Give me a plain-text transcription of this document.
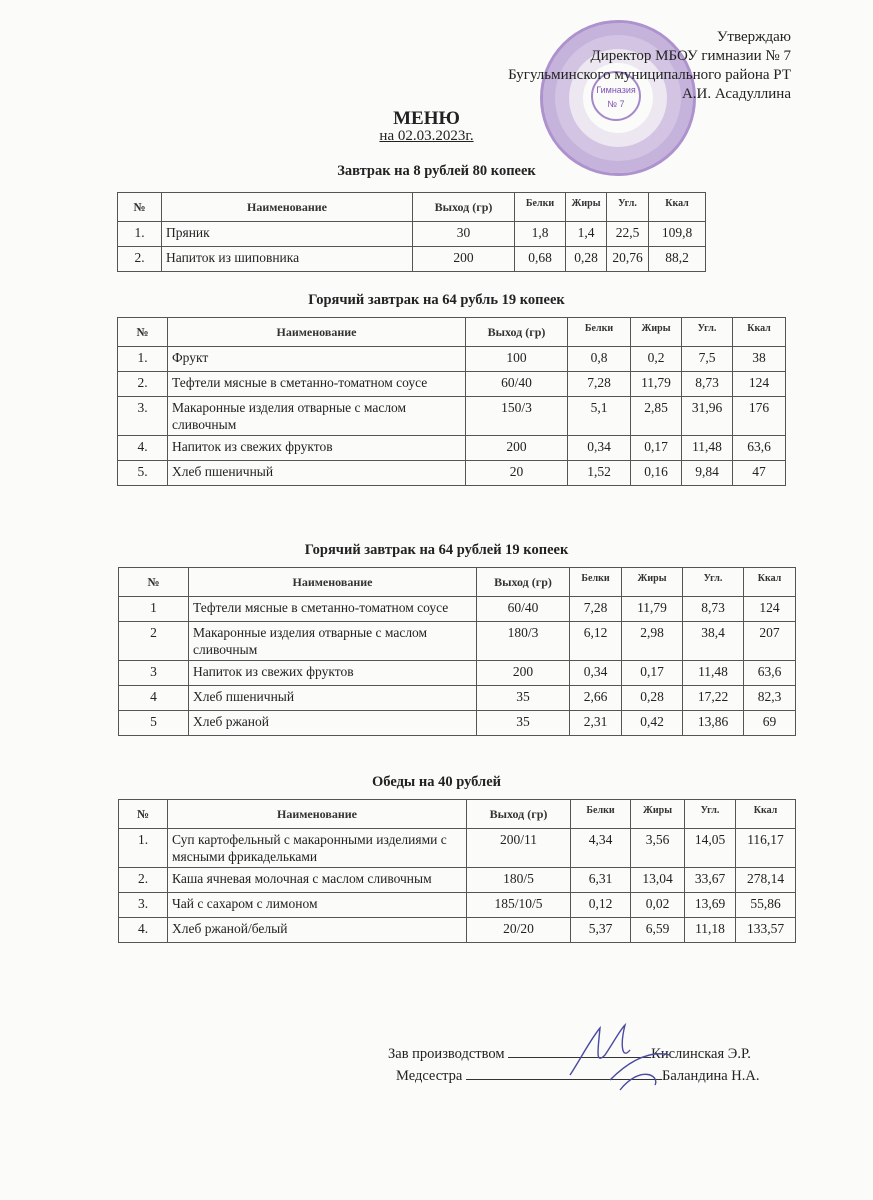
Гимназия № 7
Утверждаю
Директор МБОУ гимназии № 7
Бугульминского муниципального района РТ
А.И. Асадуллина
МЕНЮ
на 02.03.2023г.
Завтрак на 8 рублей 80 копеек
№	Наименование	Выход (гр)	Белки	Жиры	Угл.	Ккал
1.	Пряник	30	1,8	1,4	22,5	109,8
2.	Напиток из шиповника	200	0,68	0,28	20,76	88,2
Горячий завтрак на 64 рубль 19 копеек
№	Наименование	Выход (гр)	Белки	Жиры	Угл.	Ккал
1.	Фрукт	100	0,8	0,2	7,5	38
2.	Тефтели мясные в сметанно-томатном соусе	60/40	7,28	11,79	8,73	124
3.	Макаронные изделия отварные с маслом сливочным	150/3	5,1	2,85	31,96	176
4.	Напиток из свежих фруктов	200	0,34	0,17	11,48	63,6
5.	Хлеб пшеничный	20	1,52	0,16	9,84	47
Горячий завтрак на 64 рублей 19 копеек
№	Наименование	Выход (гр)	Белки	Жиры	Угл.	Ккал
1	Тефтели мясные в сметанно-томатном соусе	60/40	7,28	11,79	8,73	124
2	Макаронные изделия отварные с маслом сливочным	180/3	6,12	2,98	38,4	207
3	Напиток из свежих фруктов	200	0,34	0,17	11,48	63,6
4	Хлеб пшеничный	35	2,66	0,28	17,22	82,3
5	Хлеб ржаной	35	2,31	0,42	13,86	69
Обеды на 40 рублей
№	Наименование	Выход (гр)	Белки	Жиры	Угл.	Ккал
1.	Суп картофельный с макаронными изделиями с мясными фрикадельками	200/11	4,34	3,56	14,05	116,17
2.	Каша ячневая молочная с маслом сливочным	180/5	6,31	13,04	33,67	278,14
3.	Чай с сахаром с лимоном	185/10/5	0,12	0,02	13,69	55,86
4.	Хлеб ржаной/белый	20/20	5,37	6,59	11,18	133,57
Зав производством	Кислинская Э.Р.
Медсестра	Баландина Н.А.
